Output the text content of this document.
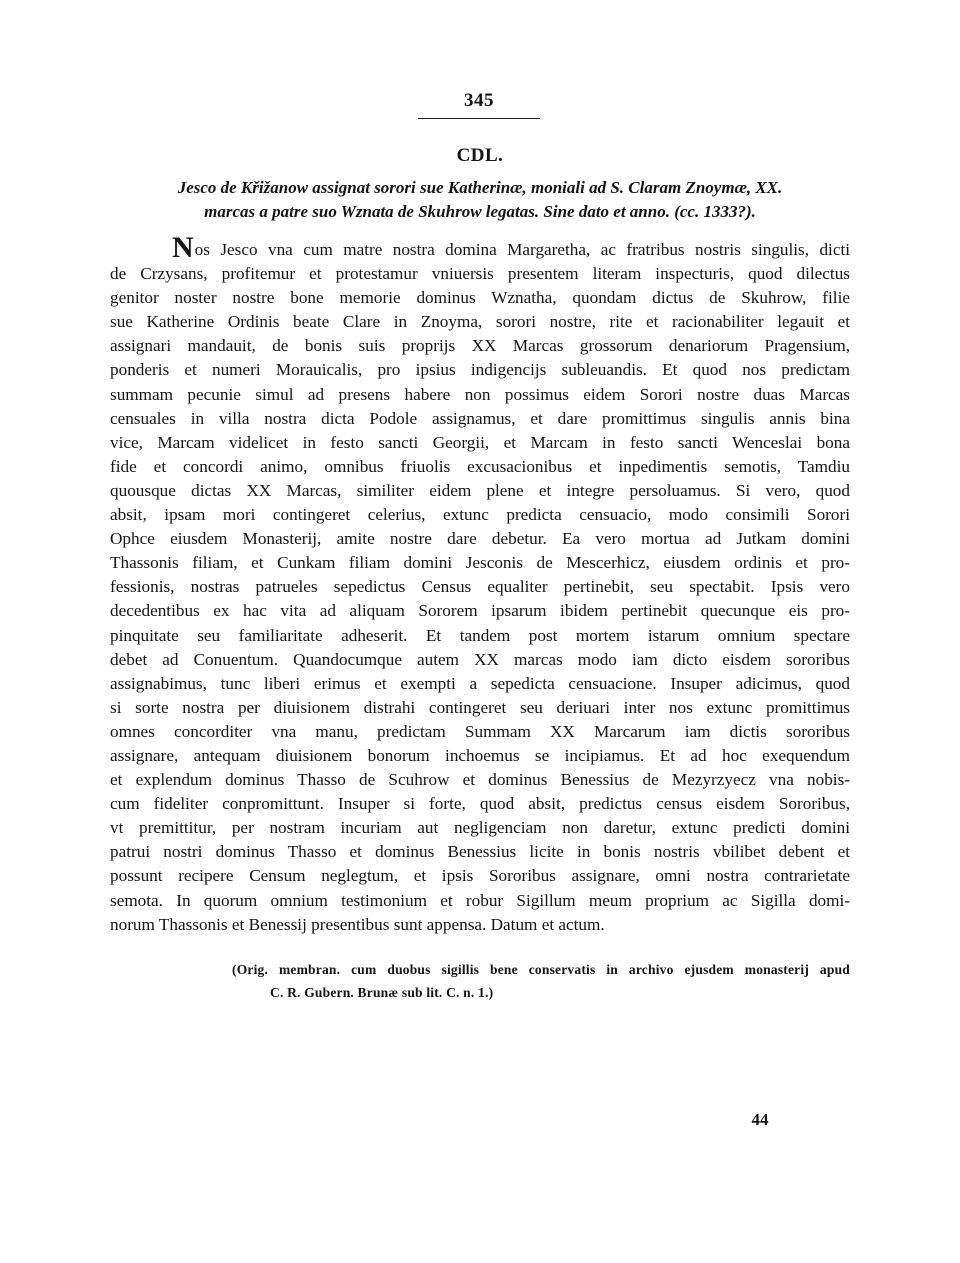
345
CDL.
Jesco de Křižanow assignat sorori sue Katherinæ, moniali ad S. Claram Znoymæ, XX.
marcas a patre suo Wznata de Skuhrow legatas. Sine dato et anno. (cc. 1333?).
Nos Jesco vna cum matre nostra domina Margaretha, ac fratribus nostris singulis, dicti
de Crzysans, profitemur et protestamur vniuersis presentem literam inspecturis, quod dilectus
genitor noster nostre bone memorie dominus Wznatha, quondam dictus de Skuhrow, filie
sue Katherine Ordinis beate Clare in Znoyma, sorori nostre, rite et racionabiliter legauit et
assignari mandauit, de bonis suis proprijs XX Marcas grossorum denariorum Pragensium,
ponderis et numeri Morauicalis, pro ipsius indigencijs subleuandis. Et quod nos predictam
summam pecunie simul ad presens habere non possimus eidem Sorori nostre duas Marcas
censuales in villa nostra dicta Podole assignamus, et dare promittimus singulis annis bina
vice, Marcam videlicet in festo sancti Georgii, et Marcam in festo sancti Wenceslai bona
fide et concordi animo, omnibus friuolis excusacionibus et inpedimentis semotis, Tamdiu
quousque dictas XX Marcas, similiter eidem plene et integre persoluamus. Si vero, quod
absit, ipsam mori contingeret celerius, extunc predicta censuacio, modo consimili Sorori
Ophce eiusdem Monasterij, amite nostre dare debetur. Ea vero mortua ad Jutkam domini
Thassonis filiam, et Cunkam filiam domini Jesconis de Mescerhicz, eiusdem ordinis et pro-
fessionis, nostras patrueles sepedictus Census equaliter pertinebit, seu spectabit. Ipsis vero
decedentibus ex hac vita ad aliquam Sororem ipsarum ibidem pertinebit quecunque eis pro-
pinquitate seu familiaritate adheserit. Et tandem post mortem istarum omnium spectare
debet ad Conuentum. Quandocumque autem XX marcas modo iam dicto eisdem sororibus
assignabimus, tunc liberi erimus et exempti a sepedicta censuacione. Insuper adicimus, quod
si sorte nostra per diuisionem distrahi contingeret seu deriuari inter nos extunc promittimus
omnes concorditer vna manu, predictam Summam XX Marcarum iam dictis sororibus
assignare, antequam diuisionem bonorum inchoemus se incipiamus. Et ad hoc exequendum
et explendum dominus Thasso de Scuhrow et dominus Benessius de Mezyrzyecz vna nobis-
cum fideliter conpromittunt. Insuper si forte, quod absit, predictus census eisdem Sororibus,
vt premittitur, per nostram incuriam aut negligenciam non daretur, extunc predicti domini
patrui nostri dominus Thasso et dominus Benessius licite in bonis nostris vbilibet debent et
possunt recipere Censum neglegtum, et ipsis Sororibus assignare, omni nostra contrarietate
semota. In quorum omnium testimonium et robur Sigillum meum proprium ac Sigilla domi-
norum Thassonis et Benessij presentibus sunt appensa. Datum et actum.
(Orig. membran. cum duobus sigillis bene conservatis in archivo ejusdem monasterij apud
C. R. Gubern. Brunæ sub lit. C. n. 1.)
44
